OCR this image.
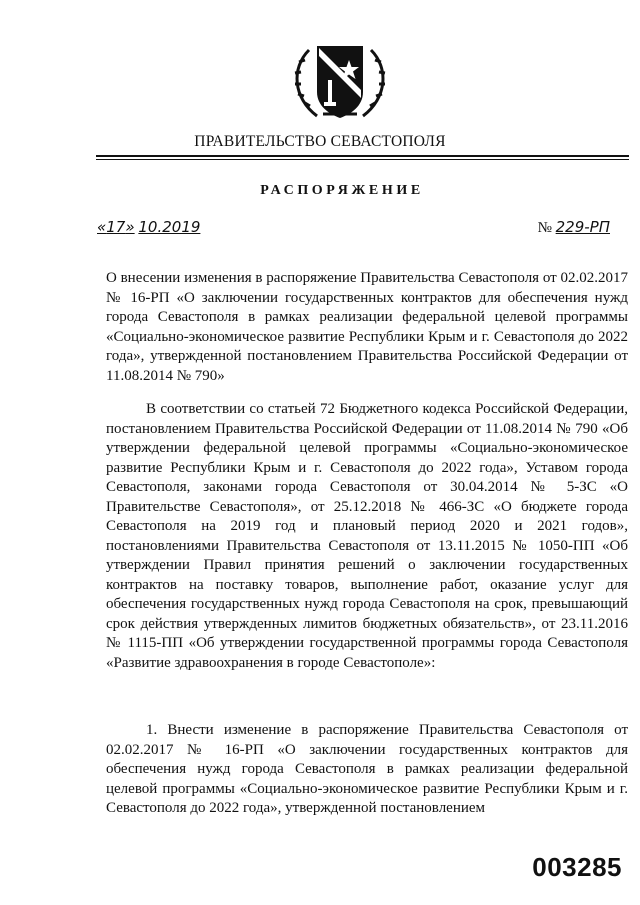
ПРАВИТЕЛЬСТВО СЕВАСТОПОЛЯ
РАСПОРЯЖЕНИЕ
«17» 10.2019	№ 229-РП
О внесении изменения в распоряжение Правительства Севастополя от 02.02.2017 № 16-РП «О заключении государственных контрактов для обеспечения нужд города Севастополя в рамках реализации федеральной целевой программы «Социально-экономическое развитие Республики Крым и г. Севастополя до 2022 года», утвержденной постановлением Правительства Российской Федерации от 11.08.2014 № 790»
В соответствии со статьей 72 Бюджетного кодекса Российской Федерации, постановлением Правительства Российской Федерации от 11.08.2014 № 790 «Об утверждении федеральной целевой программы «Социально-экономическое развитие Республики Крым и г. Севастополя до 2022 года», Уставом города Севастополя, законами города Севастополя от 30.04.2014 № 5-ЗС «О Правительстве Севастополя», от 25.12.2018 № 466-ЗС «О бюджете города Севастополя на 2019 год и плановый период 2020 и 2021 годов», постановлениями Правительства Севастополя от 13.11.2015 № 1050-ПП «Об утверждении Правил принятия решений о заключении государственных контрактов на поставку товаров, выполнение работ, оказание услуг для обеспечения государственных нужд города Севастополя на срок, превышающий срок действия утвержденных лимитов бюджетных обязательств», от 23.11.2016 № 1115-ПП «Об утверждении государственной программы города Севастополя «Развитие здравоохранения в городе Севастополе»:
1. Внести изменение в распоряжение Правительства Севастополя от 02.02.2017 № 16-РП «О заключении государственных контрактов для обеспечения нужд города Севастополя в рамках реализации федеральной целевой программы «Социально-экономическое развитие Республики Крым и г. Севастополя до 2022 года», утвержденной постановлением
003285
